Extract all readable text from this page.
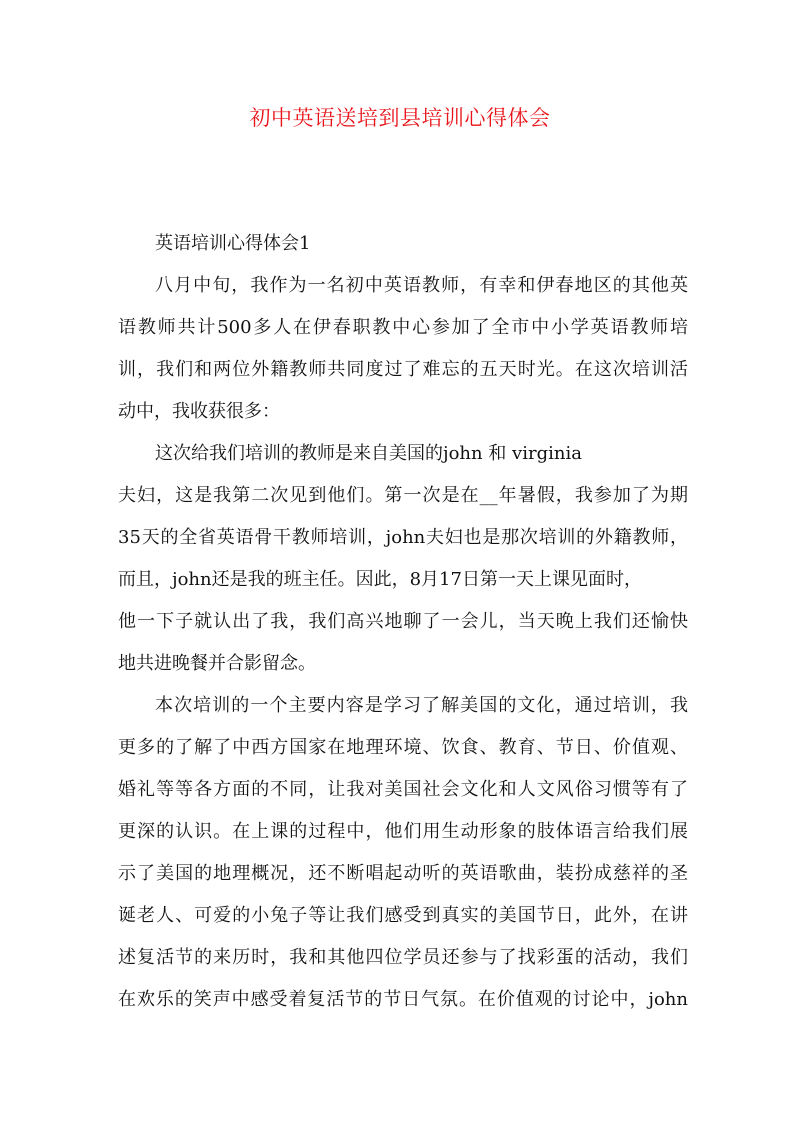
初中英语送培到县培训心得体会

英语培训心得体会1

八月中旬，我作为一名初中英语教师，有幸和伊春地区的其他英

语教师共计500多人在伊春职教中心参加了全市中小学英语教师培

训，我们和两位外籍教师共同度过了难忘的五天时光。在这次培训活

动中，我收获很多：

这次给我们培训的教师是来自美国的john 和 virginia

夫妇，这是我第二次见到他们。第一次是在__年暑假，我参加了为期

35天的全省英语骨干教师培训，john夫妇也是那次培训的外籍教师，

而且，john还是我的班主任。因此，8月17日第一天上课见面时，

他一下子就认出了我，我们高兴地聊了一会儿，当天晚上我们还愉快

地共进晚餐并合影留念。

本次培训的一个主要内容是学习了解美国的文化，通过培训，我

更多的了解了中西方国家在地理环境、饮食、教育、节日、价值观、

婚礼等等各方面的不同，让我对美国社会文化和人文风俗习惯等有了

更深的认识。在上课的过程中，他们用生动形象的肢体语言给我们展

示了美国的地理概况，还不断唱起动听的英语歌曲，装扮成慈祥的圣

诞老人、可爱的小兔子等让我们感受到真实的美国节日，此外，在讲

述复活节的来历时，我和其他四位学员还参与了找彩蛋的活动，我们

在欢乐的笑声中感受着复活节的节日气氛。在价值观的讨论中，john
